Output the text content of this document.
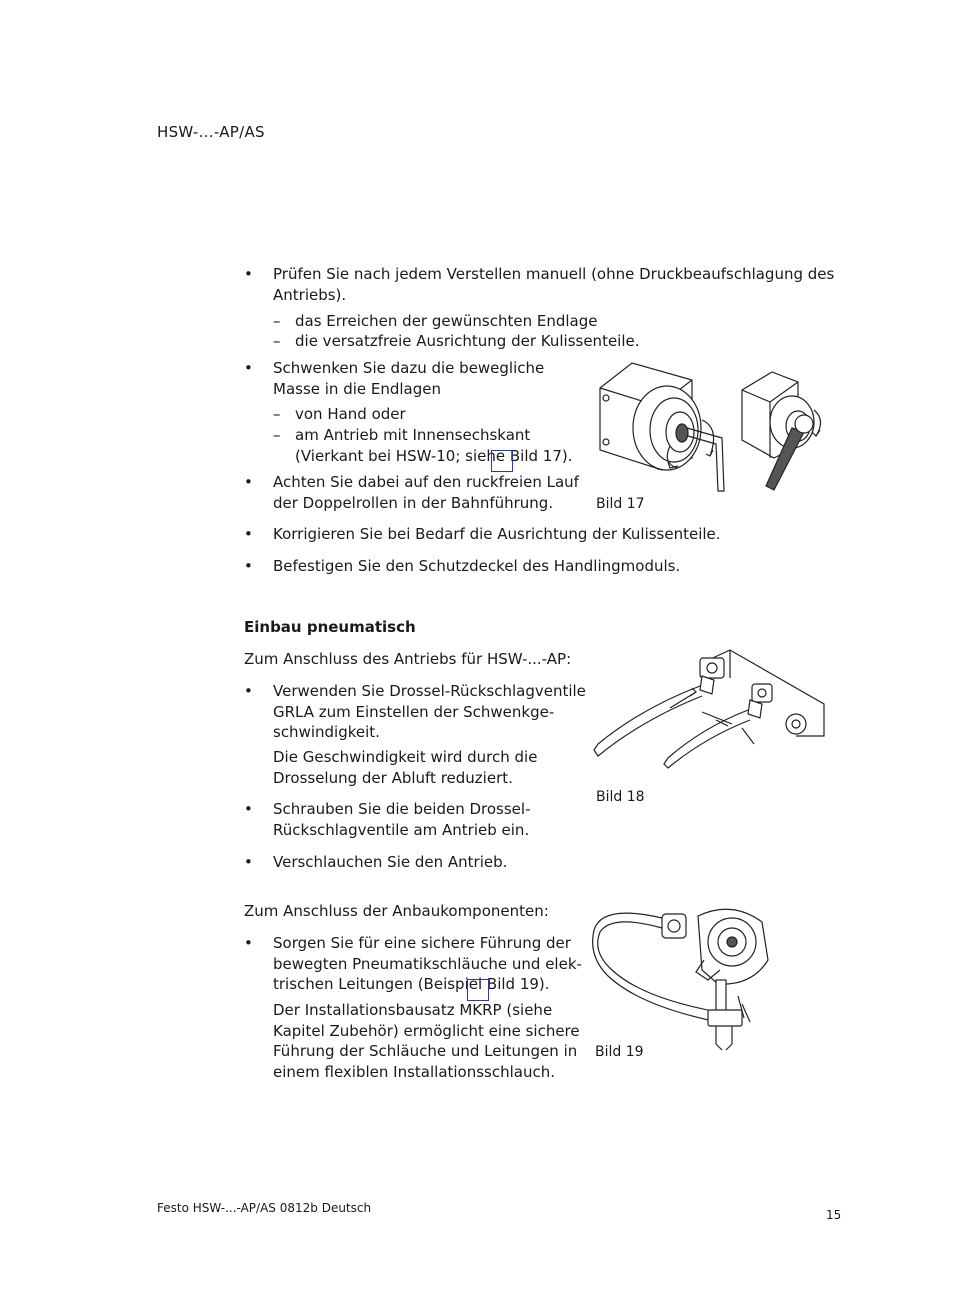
HSW-...-AP/AS
• Prüfen Sie nach jedem Verstellen manuell (ohne Druckbeaufschlagung des
Antriebs).
– das Erreichen der gewünschten Endlage
– die versatzfreie Ausrichtung der Kulissenteile.
• Schwenken Sie dazu die bewegliche
Masse in die Endlagen
– von Hand oder
– am Antrieb mit Innensechskant
(Vierkant bei HSW-10; siehe Bild 17).
• Achten Sie dabei auf den ruckfreien Lauf
der Doppelrollen in der Bahnführung.
• Korrigieren Sie bei Bedarf die Ausrichtung der Kulissenteile.
• Befestigen Sie den Schutzdeckel des Handlingmoduls.
Bild 17
Einbau pneumatisch
Zum Anschluss des Antriebs für HSW-...-AP:
• Verwenden Sie Drossel-Rückschlagventile
GRLA zum Einstellen der Schwenkge-
schwindigkeit.
Die Geschwindigkeit wird durch die
Drosselung der Abluft reduziert.
• Schrauben Sie die beiden Drossel-
Rückschlagventile am Antrieb ein.
• Verschlauchen Sie den Antrieb.
Bild 18
Zum Anschluss der Anbaukomponenten:
• Sorgen Sie für eine sichere Führung der
bewegten Pneumatikschläuche und elek-
trischen Leitungen (Beispiel Bild 19).
Der Installationsbausatz MKRP (siehe
Kapitel Zubehör) ermöglicht eine sichere
Führung der Schläuche und Leitungen in
einem flexiblen Installationsschlauch.
Bild 19
Festo HSW-...-AP/AS 0812b Deutsch	15
